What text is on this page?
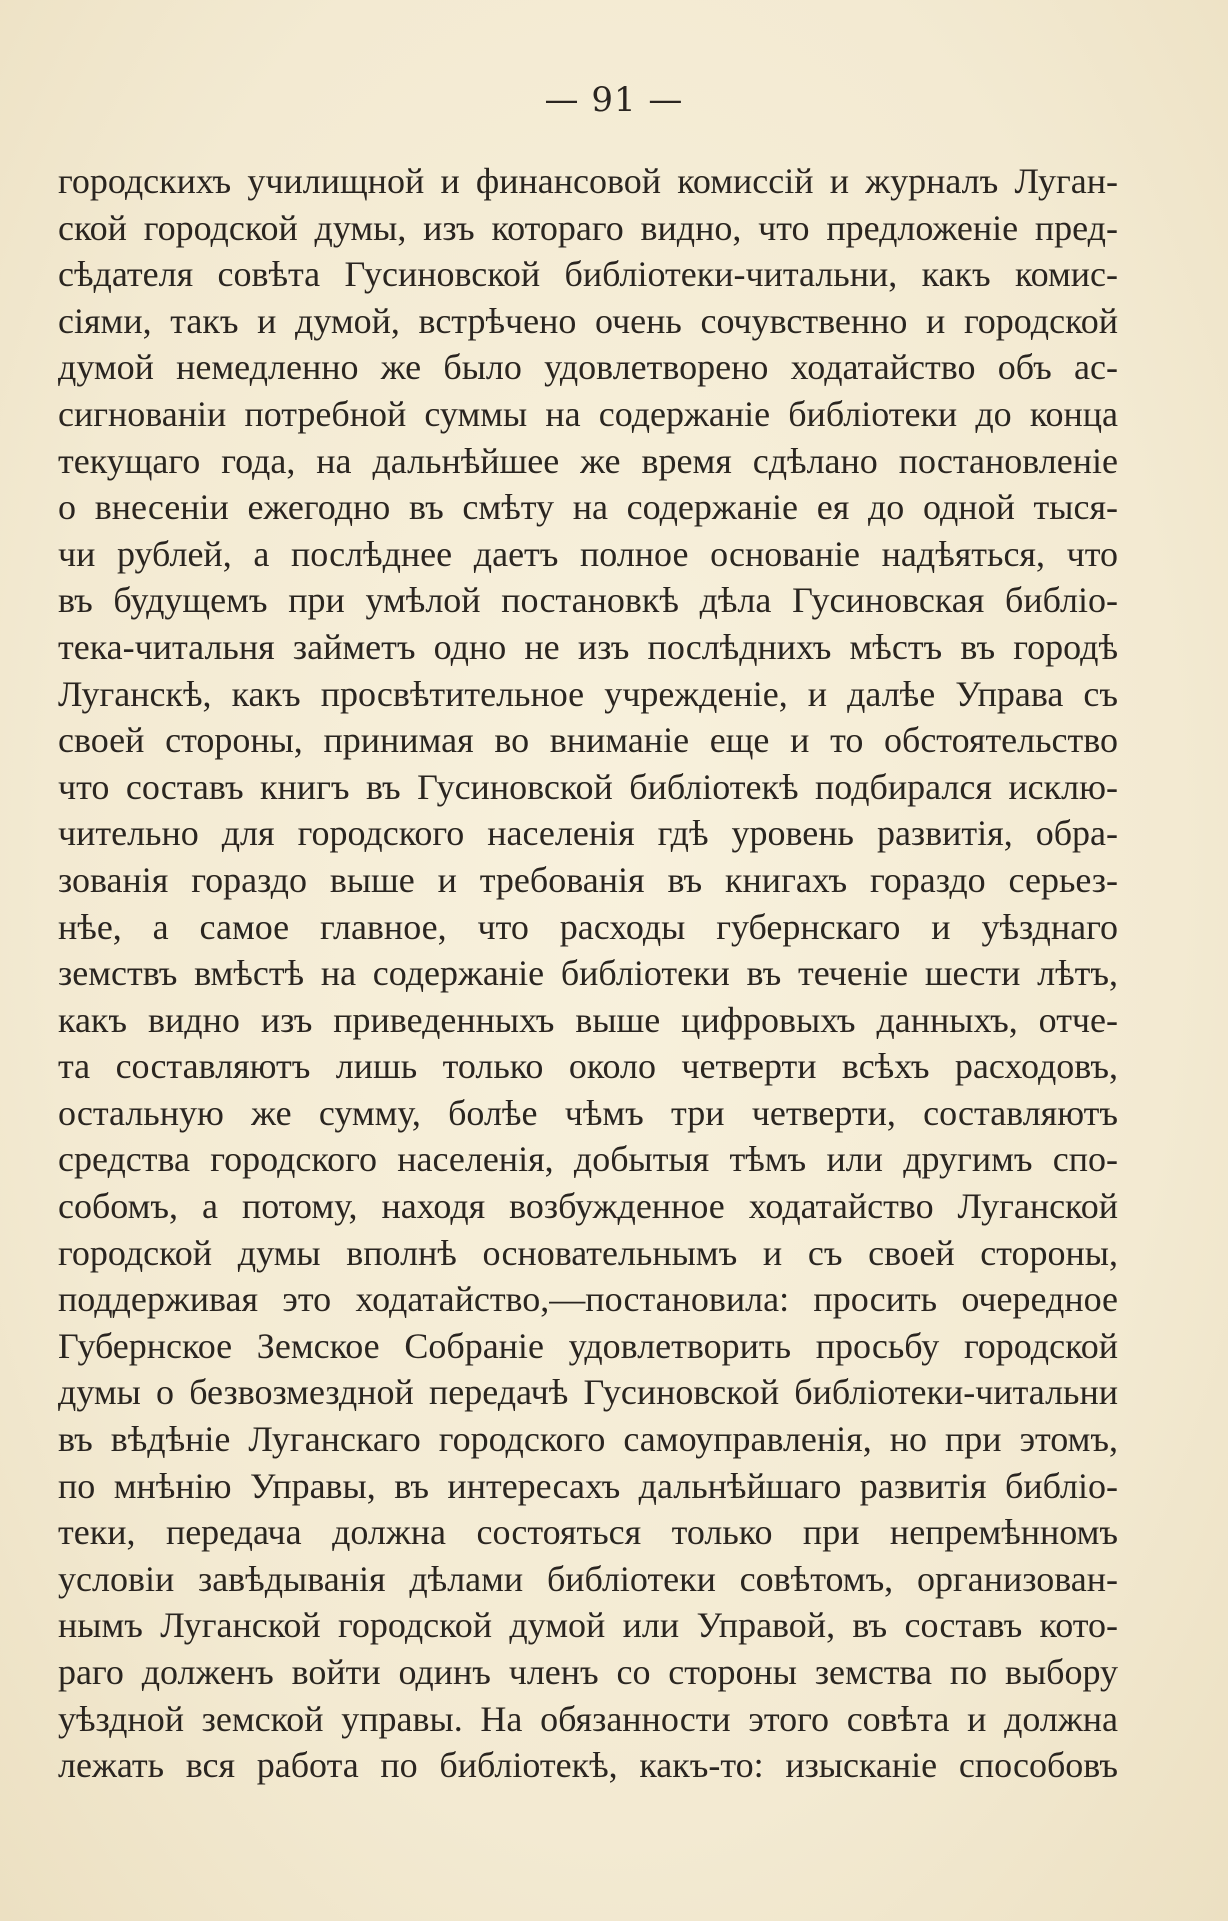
— 91 —
городскихъ училищной и финансовой комиссій и журналъ Луган-
ской городской думы, изъ котораго видно, что предложеніе пред-
сѣдателя совѣта Гусиновской библіотеки-читальни, какъ комис-
сіями, такъ и думой, встрѣчено очень сочувственно и городской
думой немедленно же было удовлетворено ходатайство объ ас-
сигнованіи потребной суммы на содержаніе библіотеки до конца
текущаго года, на дальнѣйшее же время сдѣлано постановленіе
о внесеніи ежегодно въ смѣту на содержаніе ея до одной тыся-
чи рублей, а послѣднее даетъ полное основаніе надѣяться, что
въ будущемъ при умѣлой постановкѣ дѣла Гусиновская библіо-
тека-читальня займетъ одно не изъ послѣднихъ мѣстъ въ городѣ
Луганскѣ, какъ просвѣтительное учрежденіе, и далѣе Управа съ
своей стороны, принимая во вниманіе еще и то обстоятельство
что составъ книгъ въ Гусиновской библіотекѣ подбирался исклю-
чительно для городского населенія гдѣ уровень развитія, обра-
зованія гораздо выше и требованія въ книгахъ гораздо серьез-
нѣе, а самое главное, что расходы губернскаго и уѣзднаго
земствъ вмѣстѣ на содержаніе библіотеки въ теченіе шести лѣтъ,
какъ видно изъ приведенныхъ выше цифровыхъ данныхъ, отче-
та составляютъ лишь только около четверти всѣхъ расходовъ,
остальную же сумму, болѣе чѣмъ три четверти, составляютъ
средства городского населенія, добытыя тѣмъ или другимъ спо-
собомъ, а потому, находя возбужденное ходатайство Луганской
городской думы вполнѣ основательнымъ и съ своей стороны,
поддерживая это ходатайство,—постановила: просить очередное
Губернское Земское Собраніе удовлетворить просьбу городской
думы о безвозмездной передачѣ Гусиновской библіотеки-читальни
въ вѣдѣніе Луганскаго городского самоуправленія, но при этомъ,
по мнѣнію Управы, въ интересахъ дальнѣйшаго развитія библіо-
теки, передача должна состояться только при непремѣнномъ
условіи завѣдыванія дѣлами библіотеки совѣтомъ, организован-
нымъ Луганской городской думой или Управой, въ составъ кото-
раго долженъ войти одинъ членъ со стороны земства по выбору
уѣздной земской управы. На обязанности этого совѣта и должна
лежать вся работа по библіотекѣ, какъ-то: изысканіе способовъ
